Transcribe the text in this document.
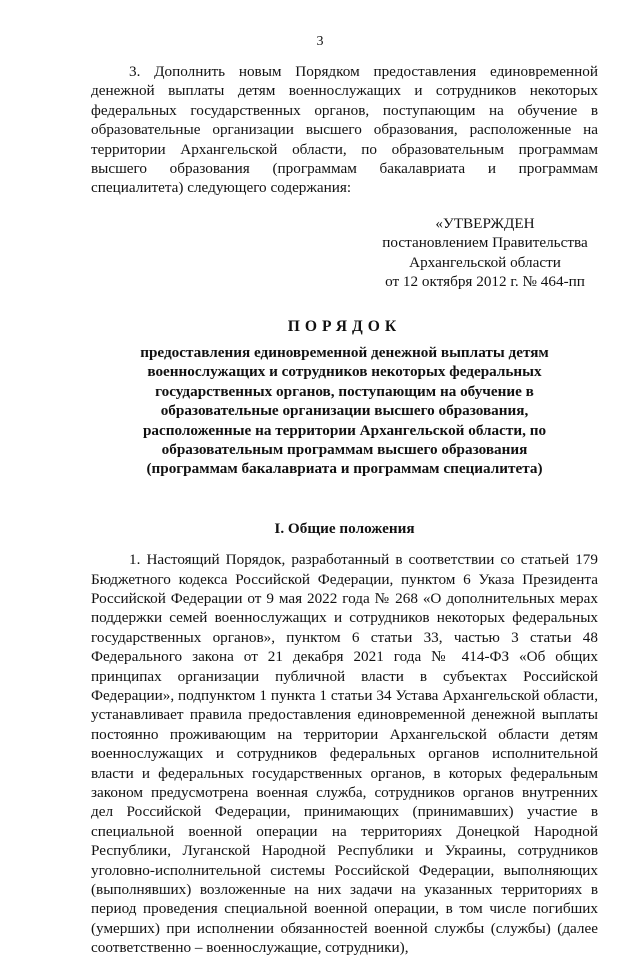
3

3. Дополнить новым Порядком предоставления единовременной денежной выплаты детям военнослужащих и сотрудников некоторых федеральных государственных органов, поступающим на обучение в образовательные организации высшего образования, расположенные на территории Архангельской области, по образовательным программам высшего образования (программам бакалавриата и программам специалитета) следующего содержания:

«УТВЕРЖДЕН
постановлением Правительства
Архангельской области
от 12 октября 2012 г. № 464-пп
ПОРЯДОК
предоставления единовременной денежной выплаты детям военнослужащих и сотрудников некоторых федеральных государственных органов, поступающим на обучение в образовательные организации высшего образования, расположенные на территории Архангельской области, по образовательным программам высшего образования (программам бакалавриата и программам специалитета)
I. Общие положения

1. Настоящий Порядок, разработанный в соответствии со статьей 179 Бюджетного кодекса Российской Федерации, пунктом 6 Указа Президента Российской Федерации от 9 мая 2022 года № 268 «О дополнительных мерах поддержки семей военнослужащих и сотрудников некоторых федеральных государственных органов», пунктом 6 статьи 33, частью 3 статьи 48 Федерального закона от 21 декабря 2021 года № 414-ФЗ «Об общих принципах организации публичной власти в субъектах Российской Федерации», подпунктом 1 пункта 1 статьи 34 Устава Архангельской области, устанавливает правила предоставления единовременной денежной выплаты постоянно проживающим на территории Архангельской области детям военнослужащих и сотрудников федеральных органов исполнительной власти и федеральных государственных органов, в которых федеральным законом предусмотрена военная служба, сотрудников органов внутренних дел Российской Федерации, принимающих (принимавших) участие в специальной военной операции на территориях Донецкой Народной Республики, Луганской Народной Республики и Украины, сотрудников уголовно-исполнительной системы Российской Федерации, выполняющих (выполнявших) возложенные на них задачи на указанных территориях в период проведения специальной военной операции, в том числе погибших (умерших) при исполнении обязанностей военной службы (службы) (далее соответственно – военнослужащие, сотрудники),
